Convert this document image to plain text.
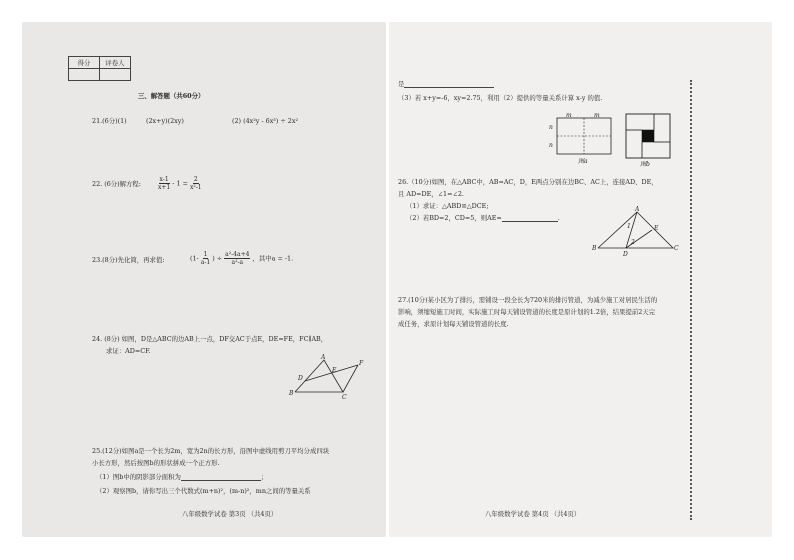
得分	评卷人

三、解答题（共60分）
21.(6分)(1)	(2x+y)(2xy)	(2) (4x²y - 6x³) ÷ 2x²
22. (6分)解方程:	$\frac{x-1}{x+1} - 1 = \frac{2}{\text{x²-1}}$
23.(8分)先化简，再求值:	($1- \frac{1}{a-1}$ ) ÷ $\frac{\text{a²-4a+4}}{\text{a²-a}}$ ，其中a = -1.
24. (8分) 如图，D是△ABC的边AB上一点，DF交AC于点E，DE=FE，FC∥AB，
求证：AD=CF.
A
B
C
D
E
F
25.(12分)如图a是一个长为2m，宽为2n的长方形，沿图中虚线用剪刀平均分成四块
小长方形，然后按图b的形状拼成一个正方形.
（1）图b中的阴影部分面积为	；
（2）观察图b，请你写出三个代数式(m+n)²，(m-n)²，mn之间的等量关系
八年级数学试卷 第3页 （共4页）
是
（3）若 x+y=-6，xy=2.75，利用（2）提供的等量关系计算 x-y 的值.
m	m
n
n
图a	图b
26.（10分)如图，在△ABC中，AB=AC，D，E两点分别在边BC、AC上，连接AD、DE，
且 AD=DE，∠1=∠2.
（1）求证：△ABD≌△DCE;
（2）若BD=2，CD=5，则AE=	.
A
B	C
D
E
1
2
27.(10分)某小区为了排污，需铺设一段全长为720米的排污管道，为减少施工对居民生活的
影响，须缩短施工时间，实际施工时每天铺设管道的长度是原计划的1.2倍，结果提前2天完
成任务，求原计划每天铺设管道的长度.
八年级数学试卷 第4页 （共4页）
